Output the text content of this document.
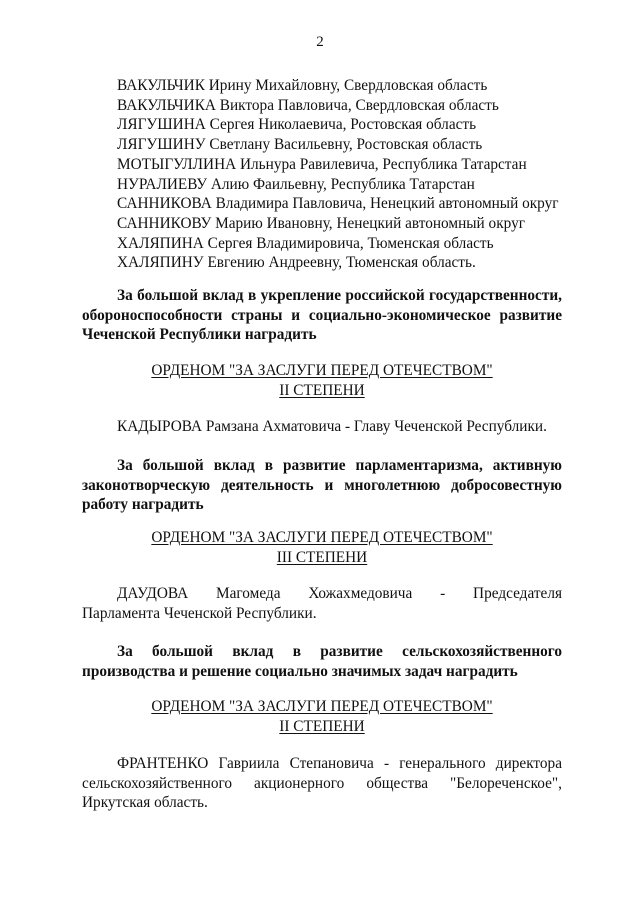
2
ВАКУЛЬЧИК Ирину Михайловну, Свердловская область
ВАКУЛЬЧИКА Виктора Павловича, Свердловская область
ЛЯГУШИНА Сергея Николаевича, Ростовская область
ЛЯГУШИНУ Светлану Васильевну, Ростовская область
МОТЫГУЛЛИНА Ильнура Равилевича, Республика Татарстан
НУРАЛИЕВУ Алию Фаильевну, Республика Татарстан
САННИКОВА Владимира Павловича, Ненецкий автономный округ
САННИКОВУ Марию Ивановну, Ненецкий автономный округ
ХАЛЯПИНА Сергея Владимировича, Тюменская область
ХАЛЯПИНУ Евгению Андреевну, Тюменская область.
За большой вклад в укрепление российской государственности,
обороноспособности страны и социально-экономическое развитие
Чеченской Республики наградить
ОРДЕНОМ "ЗА ЗАСЛУГИ ПЕРЕД ОТЕЧЕСТВОМ"
II СТЕПЕНИ
КАДЫРОВА Рамзана Ахматовича - Главу Чеченской Республики.
За большой вклад в развитие парламентаризма, активную
законотворческую деятельность и многолетнюю добросовестную
работу наградить
ОРДЕНОМ "ЗА ЗАСЛУГИ ПЕРЕД ОТЕЧЕСТВОМ"
III СТЕПЕНИ
ДАУДОВА Магомеда Хожахмедовича - Председателя
Парламента Чеченской Республики.
За большой вклад в развитие сельскохозяйственного
производства и решение социально значимых задач наградить
ОРДЕНОМ "ЗА ЗАСЛУГИ ПЕРЕД ОТЕЧЕСТВОМ"
II СТЕПЕНИ
ФРАНТЕНКО Гавриила Степановича - генерального директора
сельскохозяйственного акционерного общества "Белореченское",
Иркутская область.
